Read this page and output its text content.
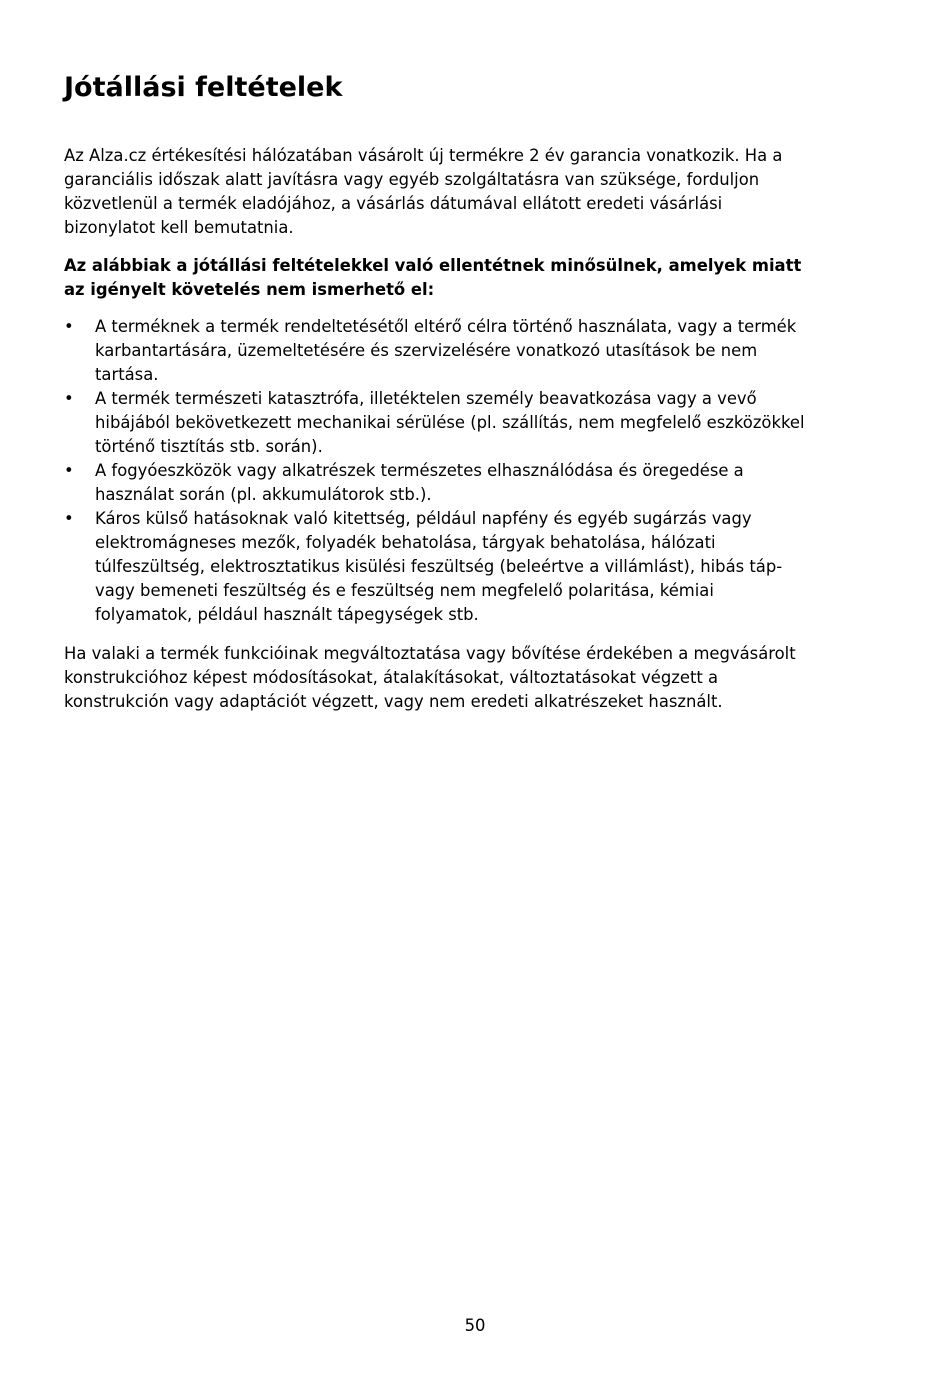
Jótállási feltételek

Az Alza.cz értékesítési hálózatában vásárolt új termékre 2 év garancia vonatkozik. Ha a
garanciális időszak alatt javításra vagy egyéb szolgáltatásra van szüksége, forduljon
közvetlenül a termék eladójához, a vásárlás dátumával ellátott eredeti vásárlási
bizonylatot kell bemutatnia.

Az alábbiak a jótállási feltételekkel való ellentétnek minősülnek, amelyek miatt
az igényelt követelés nem ismerhető el:

• A terméknek a termék rendeltetésétől eltérő célra történő használata, vagy a termék
karbantartására, üzemeltetésére és szervizelésére vonatkozó utasítások be nem
tartása.
• A termék természeti katasztrófa, illetéktelen személy beavatkozása vagy a vevő
hibájából bekövetkezett mechanikai sérülése (pl. szállítás, nem megfelelő eszközökkel
történő tisztítás stb. során).
• A fogyóeszközök vagy alkatrészek természetes elhasználódása és öregedése a
használat során (pl. akkumulátorok stb.).
• Káros külső hatásoknak való kitettség, például napfény és egyéb sugárzás vagy
elektromágneses mezők, folyadék behatolása, tárgyak behatolása, hálózati
túlfeszültség, elektrosztatikus kisülési feszültség (beleértve a villámlást), hibás táp-
vagy bemeneti feszültség és e feszültség nem megfelelő polaritása, kémiai
folyamatok, például használt tápegységek stb.

Ha valaki a termék funkcióinak megváltoztatása vagy bővítése érdekében a megvásárolt
konstrukcióhoz képest módosításokat, átalakításokat, változtatásokat végzett a
konstrukción vagy adaptációt végzett, vagy nem eredeti alkatrészeket használt.

50
